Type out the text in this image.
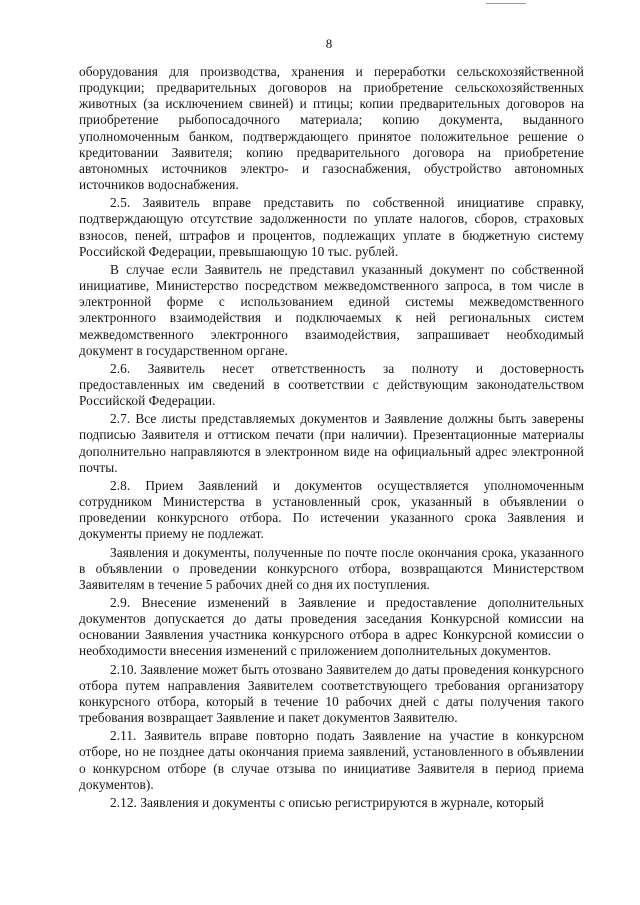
8

оборудования для производства, хранения и переработки сельскохозяйственной продукции; предварительных договоров на приобретение сельскохозяйственных животных (за исключением свиней) и птицы; копии предварительных договоров на приобретение рыбопосадочного материала; копию документа, выданного уполномоченным банком, подтверждающего принятое положительное решение о кредитовании Заявителя; копию предварительного договора на приобретение автономных источников электро- и газоснабжения, обустройство автономных источников водоснабжения.

2.5. Заявитель вправе представить по собственной инициативе справку, подтверждающую отсутствие задолженности по уплате налогов, сборов, страховых взносов, пеней, штрафов и процентов, подлежащих уплате в бюджетную систему Российской Федерации, превышающую 10 тыс. рублей.

В случае если Заявитель не представил указанный документ по собственной инициативе, Министерство посредством межведомственного запроса, в том числе в электронной форме с использованием единой системы межведомственного электронного взаимодействия и подключаемых к ней региональных систем межведомственного электронного взаимодействия, запрашивает необходимый документ в государственном органе.

2.6. Заявитель несет ответственность за полноту и достоверность предоставленных им сведений в соответствии с действующим законодательством Российской Федерации.

2.7. Все листы представляемых документов и Заявление должны быть заверены подписью Заявителя и оттиском печати (при наличии). Презентационные материалы дополнительно направляются в электронном виде на официальный адрес электронной почты.

2.8. Прием Заявлений и документов осуществляется уполномоченным сотрудником Министерства в установленный срок, указанный в объявлении о проведении конкурсного отбора. По истечении указанного срока Заявления и документы приему не подлежат.

Заявления и документы, полученные по почте после окончания срока, указанного в объявлении о проведении конкурсного отбора, возвращаются Министерством Заявителям в течение 5 рабочих дней со дня их поступления.

2.9. Внесение изменений в Заявление и предоставление дополнительных документов допускается до даты проведения заседания Конкурсной комиссии на основании Заявления участника конкурсного отбора в адрес Конкурсной комиссии о необходимости внесения изменений с приложением дополнительных документов.

2.10. Заявление может быть отозвано Заявителем до даты проведения конкурсного отбора путем направления Заявителем соответствующего требования организатору конкурсного отбора, который в течение 10 рабочих дней с даты получения такого требования возвращает Заявление и пакет документов Заявителю.

2.11. Заявитель вправе повторно подать Заявление на участие в конкурсном отборе, но не позднее даты окончания приема заявлений, установленного в объявлении о конкурсном отборе (в случае отзыва по инициативе Заявителя в период приема документов).

2.12. Заявления и документы с описью регистрируются в журнале, который
